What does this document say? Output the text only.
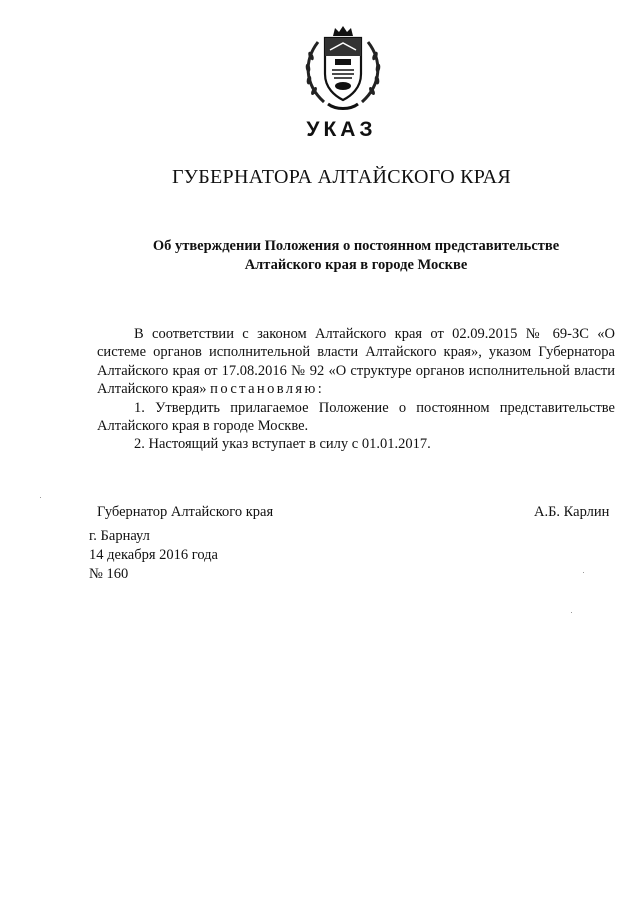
УКАЗ
ГУБЕРНАТОРА АЛТАЙСКОГО КРАЯ
Об утверждении Положения о постоянном представительстве
Алтайского края в городе Москве

В соответствии с законом Алтайского края от 02.09.2015 № 69-ЗС «О системе органов исполнительной власти Алтайского края», указом Губернатора Алтайского края от 17.08.2016 № 92 «О структуре органов исполнительной власти Алтайского края» постановляю:

1. Утвердить прилагаемое Положение о постоянном представительстве Алтайского края в городе Москве.

2. Настоящий указ вступает в силу с 01.01.2017.

Губернатор Алтайского края	А.Б. Карлин
г. Барнаул
14 декабря 2016 года
№ 160
